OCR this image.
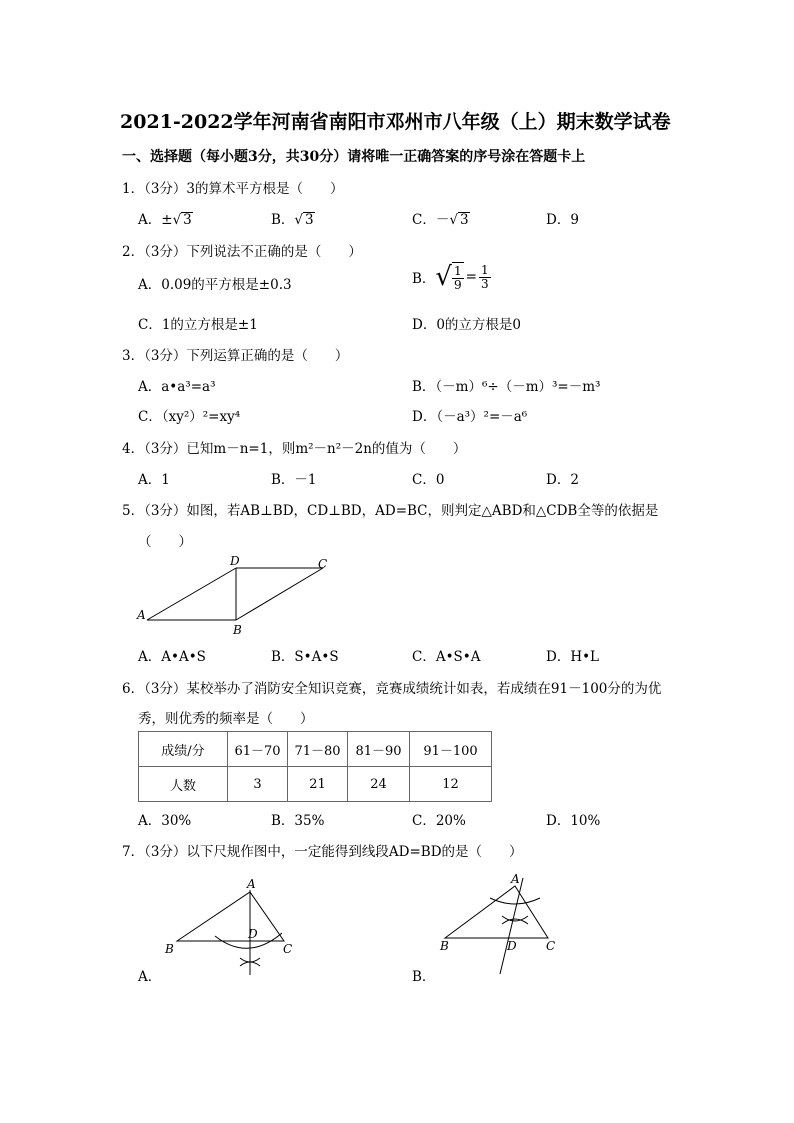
2021-2022学年河南省南阳市邓州市八年级（上）期末数学试卷
一、选择题（每小题3分，共30分）请将唯一正确答案的序号涂在答题卡上
1．（3分）3的算术平方根是（　　）
A．±√ 3	B．√ 3	C．－√ 3	D．9
2．（3分）下列说法不正确的是（　　）
A．0.09的平方根是±0.3	B． √ $\frac{1}{9} = \frac{1}{3}$
C．1的立方根是±1	D．0的立方根是0
3．（3分）下列运算正确的是（　　）
A．a•a³=a³	B．（－m）⁶÷（－m）³=－m³
C．（xy²）²=xy⁴	D．（－a³）²=－a⁶
4．（3分）已知m－n=1，则m²－n²－2n的值为（　　）
A．1	B．－1	C．0	D．2
5．（3分）如图，若AB⊥BD，CD⊥BD，AD=BC，则判定△ABD和△CDB全等的依据是
（　　）
A
B
C
D
A．A•A•S	B．S•A•S	C．A•S•A	D．H•L
6．（3分）某校举办了消防安全知识竞赛，竞赛成绩统计如表，若成绩在91－100分的为优
秀，则优秀的频率是（　　）
成绩/分	61－70	71－80	81－90	91－100
人数	3	21	24	12
A．30%	B．35%	C．20%	D．10%
7．（3分）以下尺规作图中，一定能得到线段AD=BD的是（　　）
A
B	C
D
A．
A
B	C
D
B．
